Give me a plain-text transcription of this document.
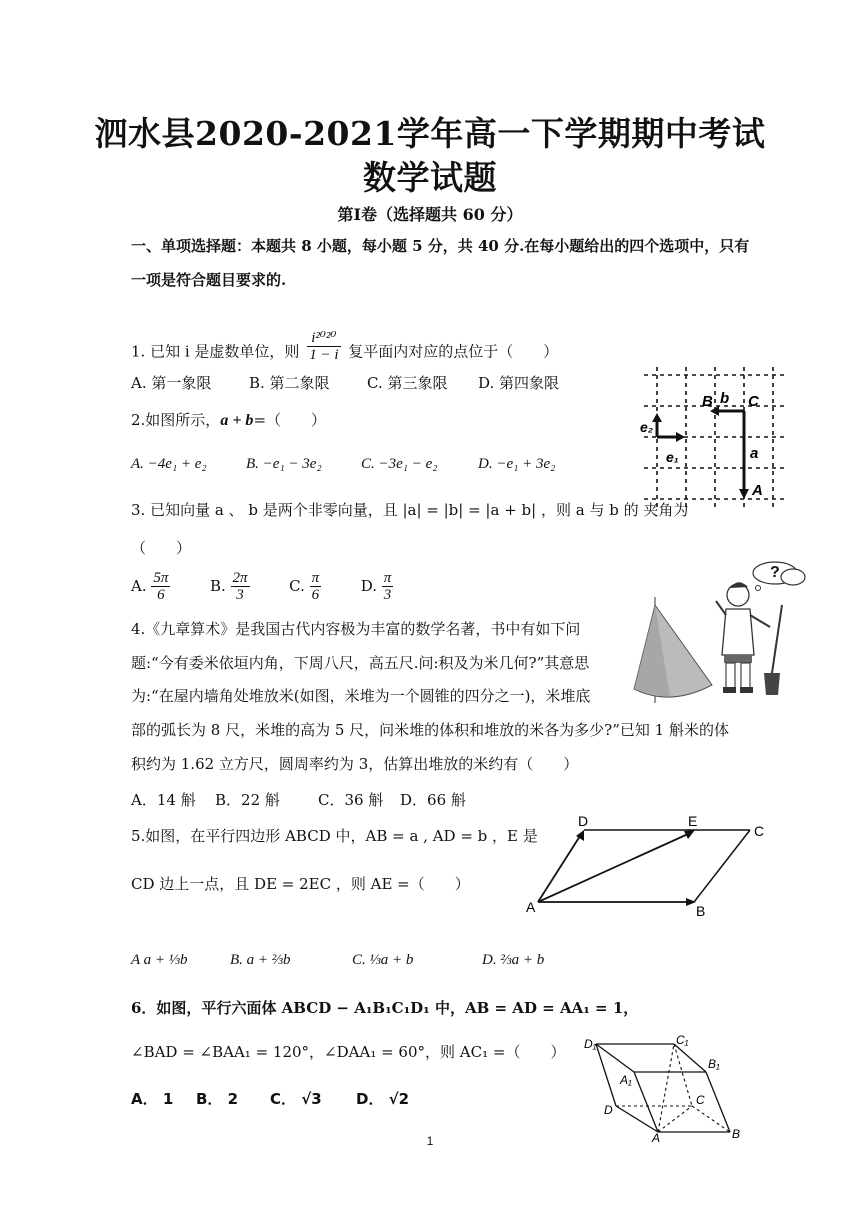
泗水县2020-2021学年高一下学期期中考试
数学试题
第Ⅰ卷（选择题共 60 分）
一、单项选择题：本题共 8 小题，每小题 5 分，共 40 分.在每小题给出的四个选项中，只有
一项是符合题目要求的.
1. 已知 i 是虚数单位，则 $\frac{\text{i²⁰²⁰}}{1 - i}$ 复平面内对应的点位于（　　）
A. 第一象限	B. 第二象限 C. 第三象限 D. 第四象限
2.如图所示，a + b=（　　）
A. −4e₁ + e₂	B. −e₁ − 3e₂	C. −3e₁ − e₂	D. −e₁ + 3e₂
B b C
e₂
e₁	a
A
3. 已知向量 a 、 b 是两个非零向量，且 |a| = |b| = |a + b| ，则 a 与 b 的 夹角为
（　　）
A. $\frac{5\pi}{6}$	B. $\frac{2\pi}{3}$	C. $\frac{\pi}{6}$	D. $\frac{\pi}{3}$	?
4.《九章算术》是我国古代内容极为丰富的数学名著，书中有如下问
题:“今有委米依垣内角，下周八尺，高五尺.问:积及为米几何?”其意思
为:“在屋内墙角处堆放米(如图，米堆为一个圆锥的四分之一)，米堆底
部的弧长为 8 尺，米堆的高为 5 尺，问米堆的体积和堆放的米各为多少?”已知 1 斛米的体
积约为 1.62 立方尺，圆周率约为 3，估算出堆放的米约有（　　）
A．14 斛 B．22 斛	C．36 斛 D．66 斛
5.如图，在平行四边形 ABCD 中，AB = a , AD = b ，E 是
CD 边上一点，且 DE = 2EC ，则 AE =（　　）
D	E
C
A	B
A a + ⅓b	B. a + ⅔b	C. ⅓a + b	D. ⅔a + b
6．如图，平行六面体 ABCD − A₁B₁C₁D₁ 中，AB = AD = AA₁ = 1，
∠BAD = ∠BAA₁ = 120°，∠DAA₁ = 60°，则 AC₁ =（　　） D₁	C₁
B₁
A₁
C
D
A	B
A． 1 B． 2 C． √3 D． √2
1
